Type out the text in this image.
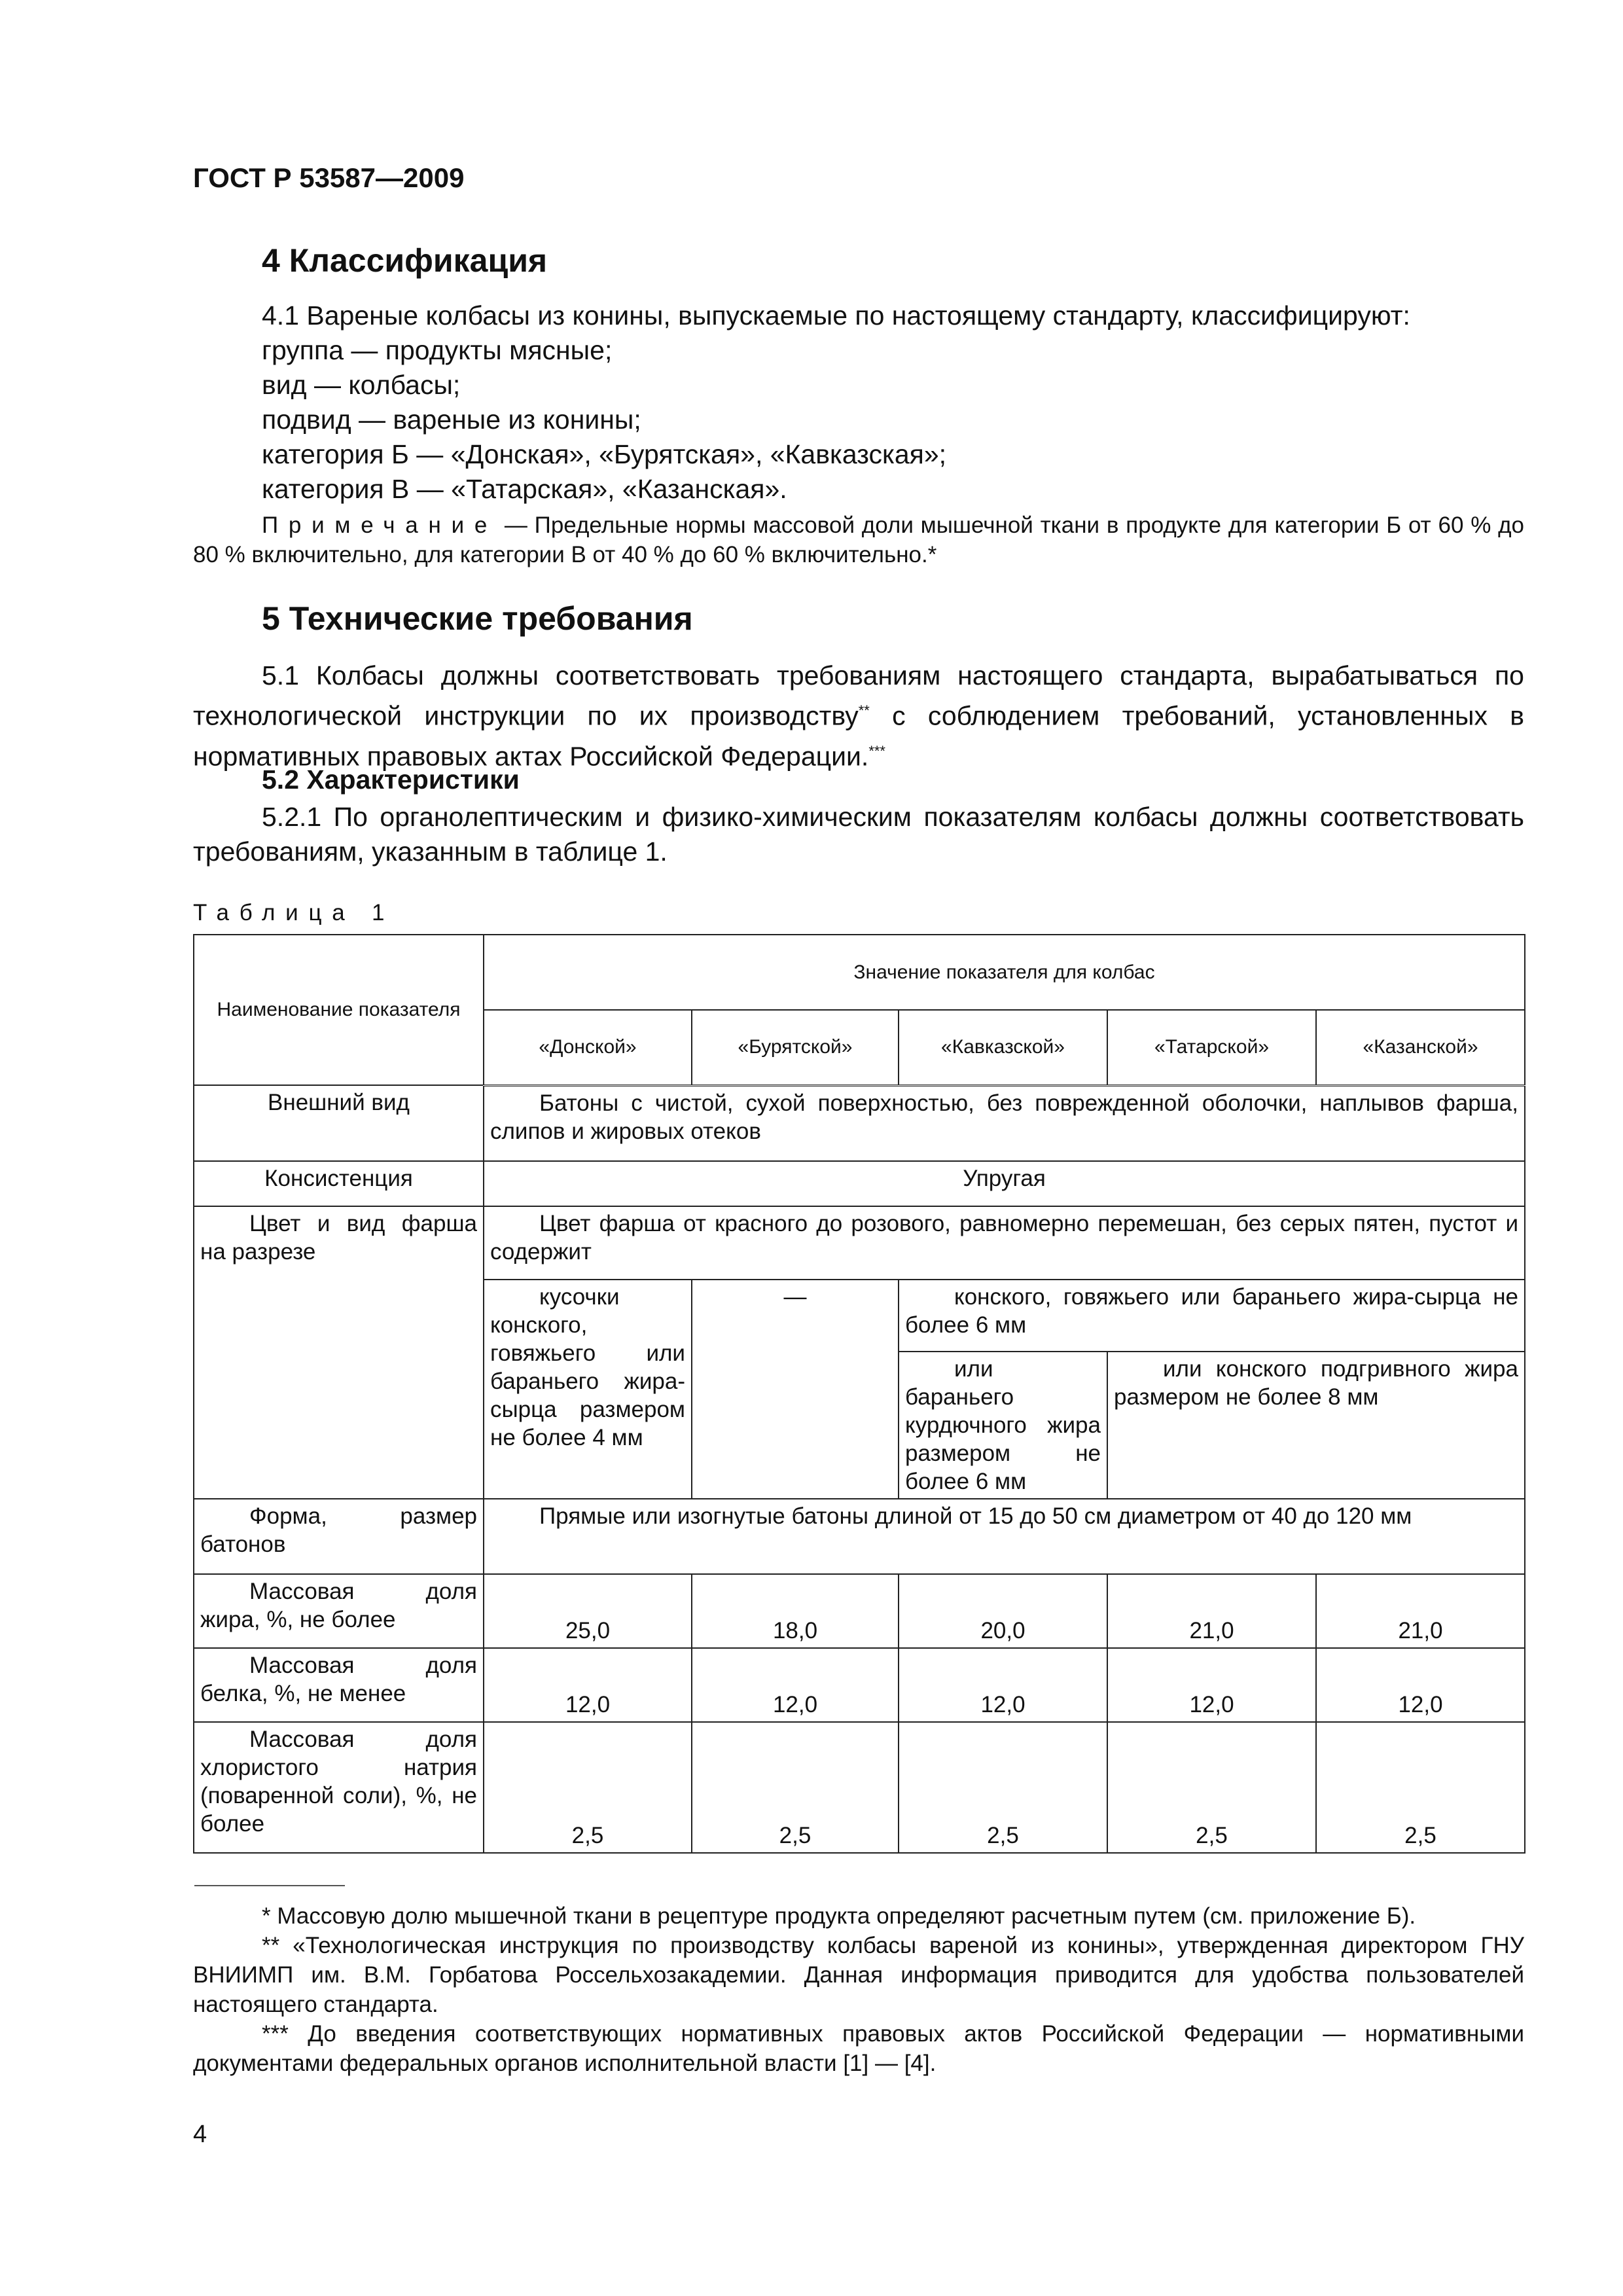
ГОСТ Р 53587—2009
4 Классификация

4.1 Вареные колбасы из конины, выпускаемые по настоящему стандарту, классифицируют:

группа — продукты мясные;

вид — колбасы;

подвид — вареные из конины;

категория Б — «Донская», «Бурятская», «Кавказская»;

категория В — «Татарская», «Казанская».

Примечание — Предельные нормы массовой доли мышечной ткани в продукте для категории Б от 60 % до 80 % включительно, для категории В от 40 % до 60 % включительно.*

5 Технические требования

5.1 Колбасы должны соответствовать требованиям настоящего стандарта, вырабатываться по технологической инструкции по их производству** с соблюдением требований, установленных в нормативных правовых актах Российской Федерации.***

5.2 Характеристики

5.2.1 По органолептическим и физико-химическим показателям колбасы должны соответствовать требованиям, указанным в таблице 1.

Таблица 1
Наименование показателя	Значение показателя для колбас				
	«Донской»	«Бурятской»	«Кавказской»	«Татарской»	«Казанской»
Внешний вид	Батоны с чистой, сухой поверхностью, без поврежденной оболочки, наплывов фарша, слипов и жировых отеков				
Консистенция	Упругая				
Цвет и вид фарша на разрезе	Цвет фарша от красного до розового, равномерно перемешан, без серых пятен, пустот и содержит				
	кусочки конского, говяжьего или бараньего жира-сырца размером не более 4 мм	—	конского, говяжьего или бараньего жира-сырца не более 6 мм		
			или бараньего курдючного жира размером не более 6 мм	или конского подгривного жира размером не более 8 мм	
Форма, размер батонов	Прямые или изогнутые батоны длиной от 15 до 50 см диаметром от 40 до 120 мм				
Массовая доля жира, %, не более	25,0	18,0	20,0	21,0	21,0
Массовая доля белка, %, не менее	12,0	12,0	12,0	12,0	12,0
Массовая доля хлористого натрия (поваренной соли), %, не более	2,5	2,5	2,5	2,5	2,5

* Массовую долю мышечной ткани в рецептуре продукта определяют расчетным путем (см. приложение Б).

** «Технологическая инструкция по производству колбасы вареной из конины», утвержденная директором ГНУ ВНИИМП им. В.М. Горбатова Россельхозакадемии. Данная информация приводится для удобства пользователей настоящего стандарта.

*** До введения соответствующих нормативных правовых актов Российской Федерации — нормативными документами федеральных органов исполнительной власти [1] — [4].

4
